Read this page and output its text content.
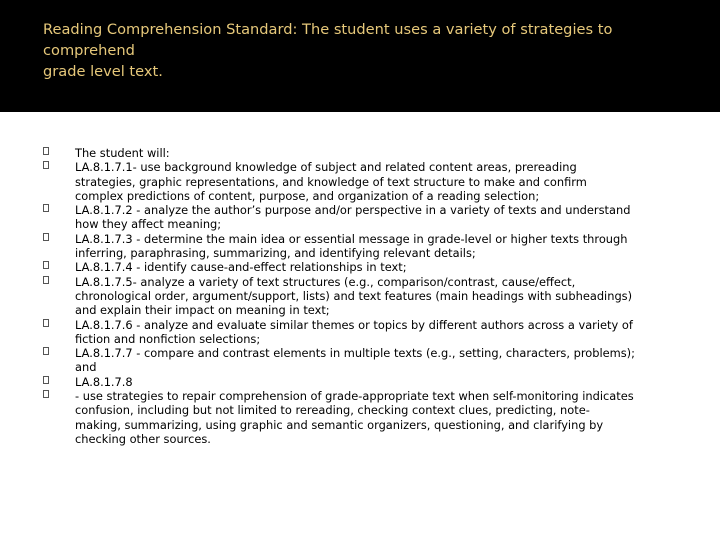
Reading Comprehension Standard: The student uses a variety of strategies to
comprehend
grade level text.
The student will:
LA.8.1.7.1- use background knowledge of subject and related content areas, prereading
strategies, graphic representations, and knowledge of text structure to make and confirm
complex predictions of content, purpose, and organization of a reading selection;
LA.8.1.7.2 - analyze the author’s purpose and/or perspective in a variety of texts and understand
how they affect meaning;
LA.8.1.7.3 - determine the main idea or essential message in grade-level or higher texts through
inferring, paraphrasing, summarizing, and identifying relevant details;
LA.8.1.7.4 - identify cause-and-effect relationships in text;
LA.8.1.7.5- analyze a variety of text structures (e.g., comparison/contrast, cause/effect,
chronological order, argument/support, lists) and text features (main headings with subheadings)
and explain their impact on meaning in text;
LA.8.1.7.6 - analyze and evaluate similar themes or topics by different authors across a variety of
fiction and nonfiction selections;
LA.8.1.7.7 - compare and contrast elements in multiple texts (e.g., setting, characters, problems);
and
LA.8.1.7.8
- use strategies to repair comprehension of grade-appropriate text when self-monitoring indicates
confusion, including but not limited to rereading, checking context clues, predicting, note-
making, summarizing, using graphic and semantic organizers, questioning, and clarifying by
checking other sources.
